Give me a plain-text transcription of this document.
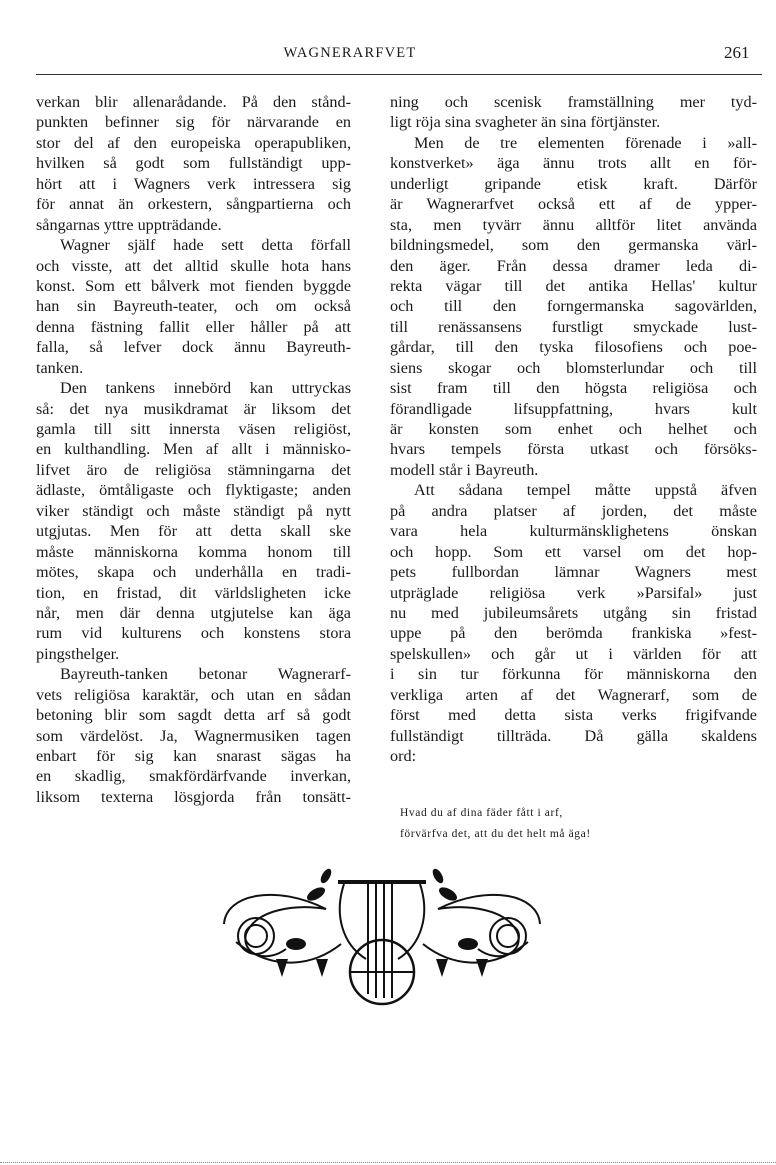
WAGNERARFVET	261
verkan blir allenarådande. På den stånd-
punkten befinner sig för närvarande en
stor del af den europeiska operapubliken,
hvilken så godt som fullständigt upp-
hört att i Wagners verk intressera sig
för annat än orkestern, sångpartierna och
sångarnas yttre uppträdande.
Wagner själf hade sett detta förfall
och visste, att det alltid skulle hota hans
konst. Som ett bålverk mot fienden byggde
han sin Bayreuth-teater, och om också
denna fästning fallit eller håller på att
falla, så lefver dock ännu Bayreuth-
tanken.
Den tankens innebörd kan uttryckas
så: det nya musikdramat är liksom det
gamla till sitt innersta väsen religiöst,
en kulthandling. Men af allt i människo-
lifvet äro de religiösa stämningarna det
ädlaste, ömtåligaste och flyktigaste; anden
viker ständigt och måste ständigt på nytt
utgjutas. Men för att detta skall ske
måste människorna komma honom till
mötes, skapa och underhålla en tradi-
tion, en fristad, dit världsligheten icke
når, men där denna utgjutelse kan äga
rum vid kulturens och konstens stora
pingsthelger.
Bayreuth-tanken betonar Wagnerarf-
vets religiösa karaktär, och utan en sådan
betoning blir som sagdt detta arf så godt
som värdelöst. Ja, Wagnermusiken tagen
enbart för sig kan snarast sägas ha
en skadlig, smakfördärfvande inverkan,
liksom texterna lösgjorda från tonsätt-
ning och scenisk framställning mer tyd-
ligt röja sina svagheter än sina förtjänster.
Men de tre elementen förenade i »all-
konstverket» äga ännu trots allt en för-
underligt gripande etisk kraft. Därför
är Wagnerarfvet också ett af de ypper-
sta, men tyvärr ännu alltför litet använda
bildningsmedel, som den germanska värl-
den äger. Från dessa dramer leda di-
rekta vägar till det antika Hellas' kultur
och till den forngermanska sagovärlden,
till renässansens furstligt smyckade lust-
gårdar, till den tyska filosofiens och poe-
siens skogar och blomsterlundar och till
sist fram till den högsta religiösa och
förandligade lifsuppfattning, hvars kult
är konsten som enhet och helhet och
hvars tempels första utkast och försöks-
modell står i Bayreuth.
Att sådana tempel måtte uppstå äfven
på andra platser af jorden, det måste
vara hela kulturmänsklighetens önskan
och hopp. Som ett varsel om det hop-
pets fullbordan lämnar Wagners mest
utpräglade religiösa verk »Parsifal» just
nu med jubileumsårets utgång sin fristad
uppe på den berömda frankiska »fest-
spelskullen» och går ut i världen för att
i sin tur förkunna för människorna den
verkliga arten af det Wagnerarf, som de
först med detta sista verks frigifvande
fullständigt tillträda. Då gälla skaldens
ord:
Hvad du af dina fäder fått i arf,
förvärfva det, att du det helt må äga!
